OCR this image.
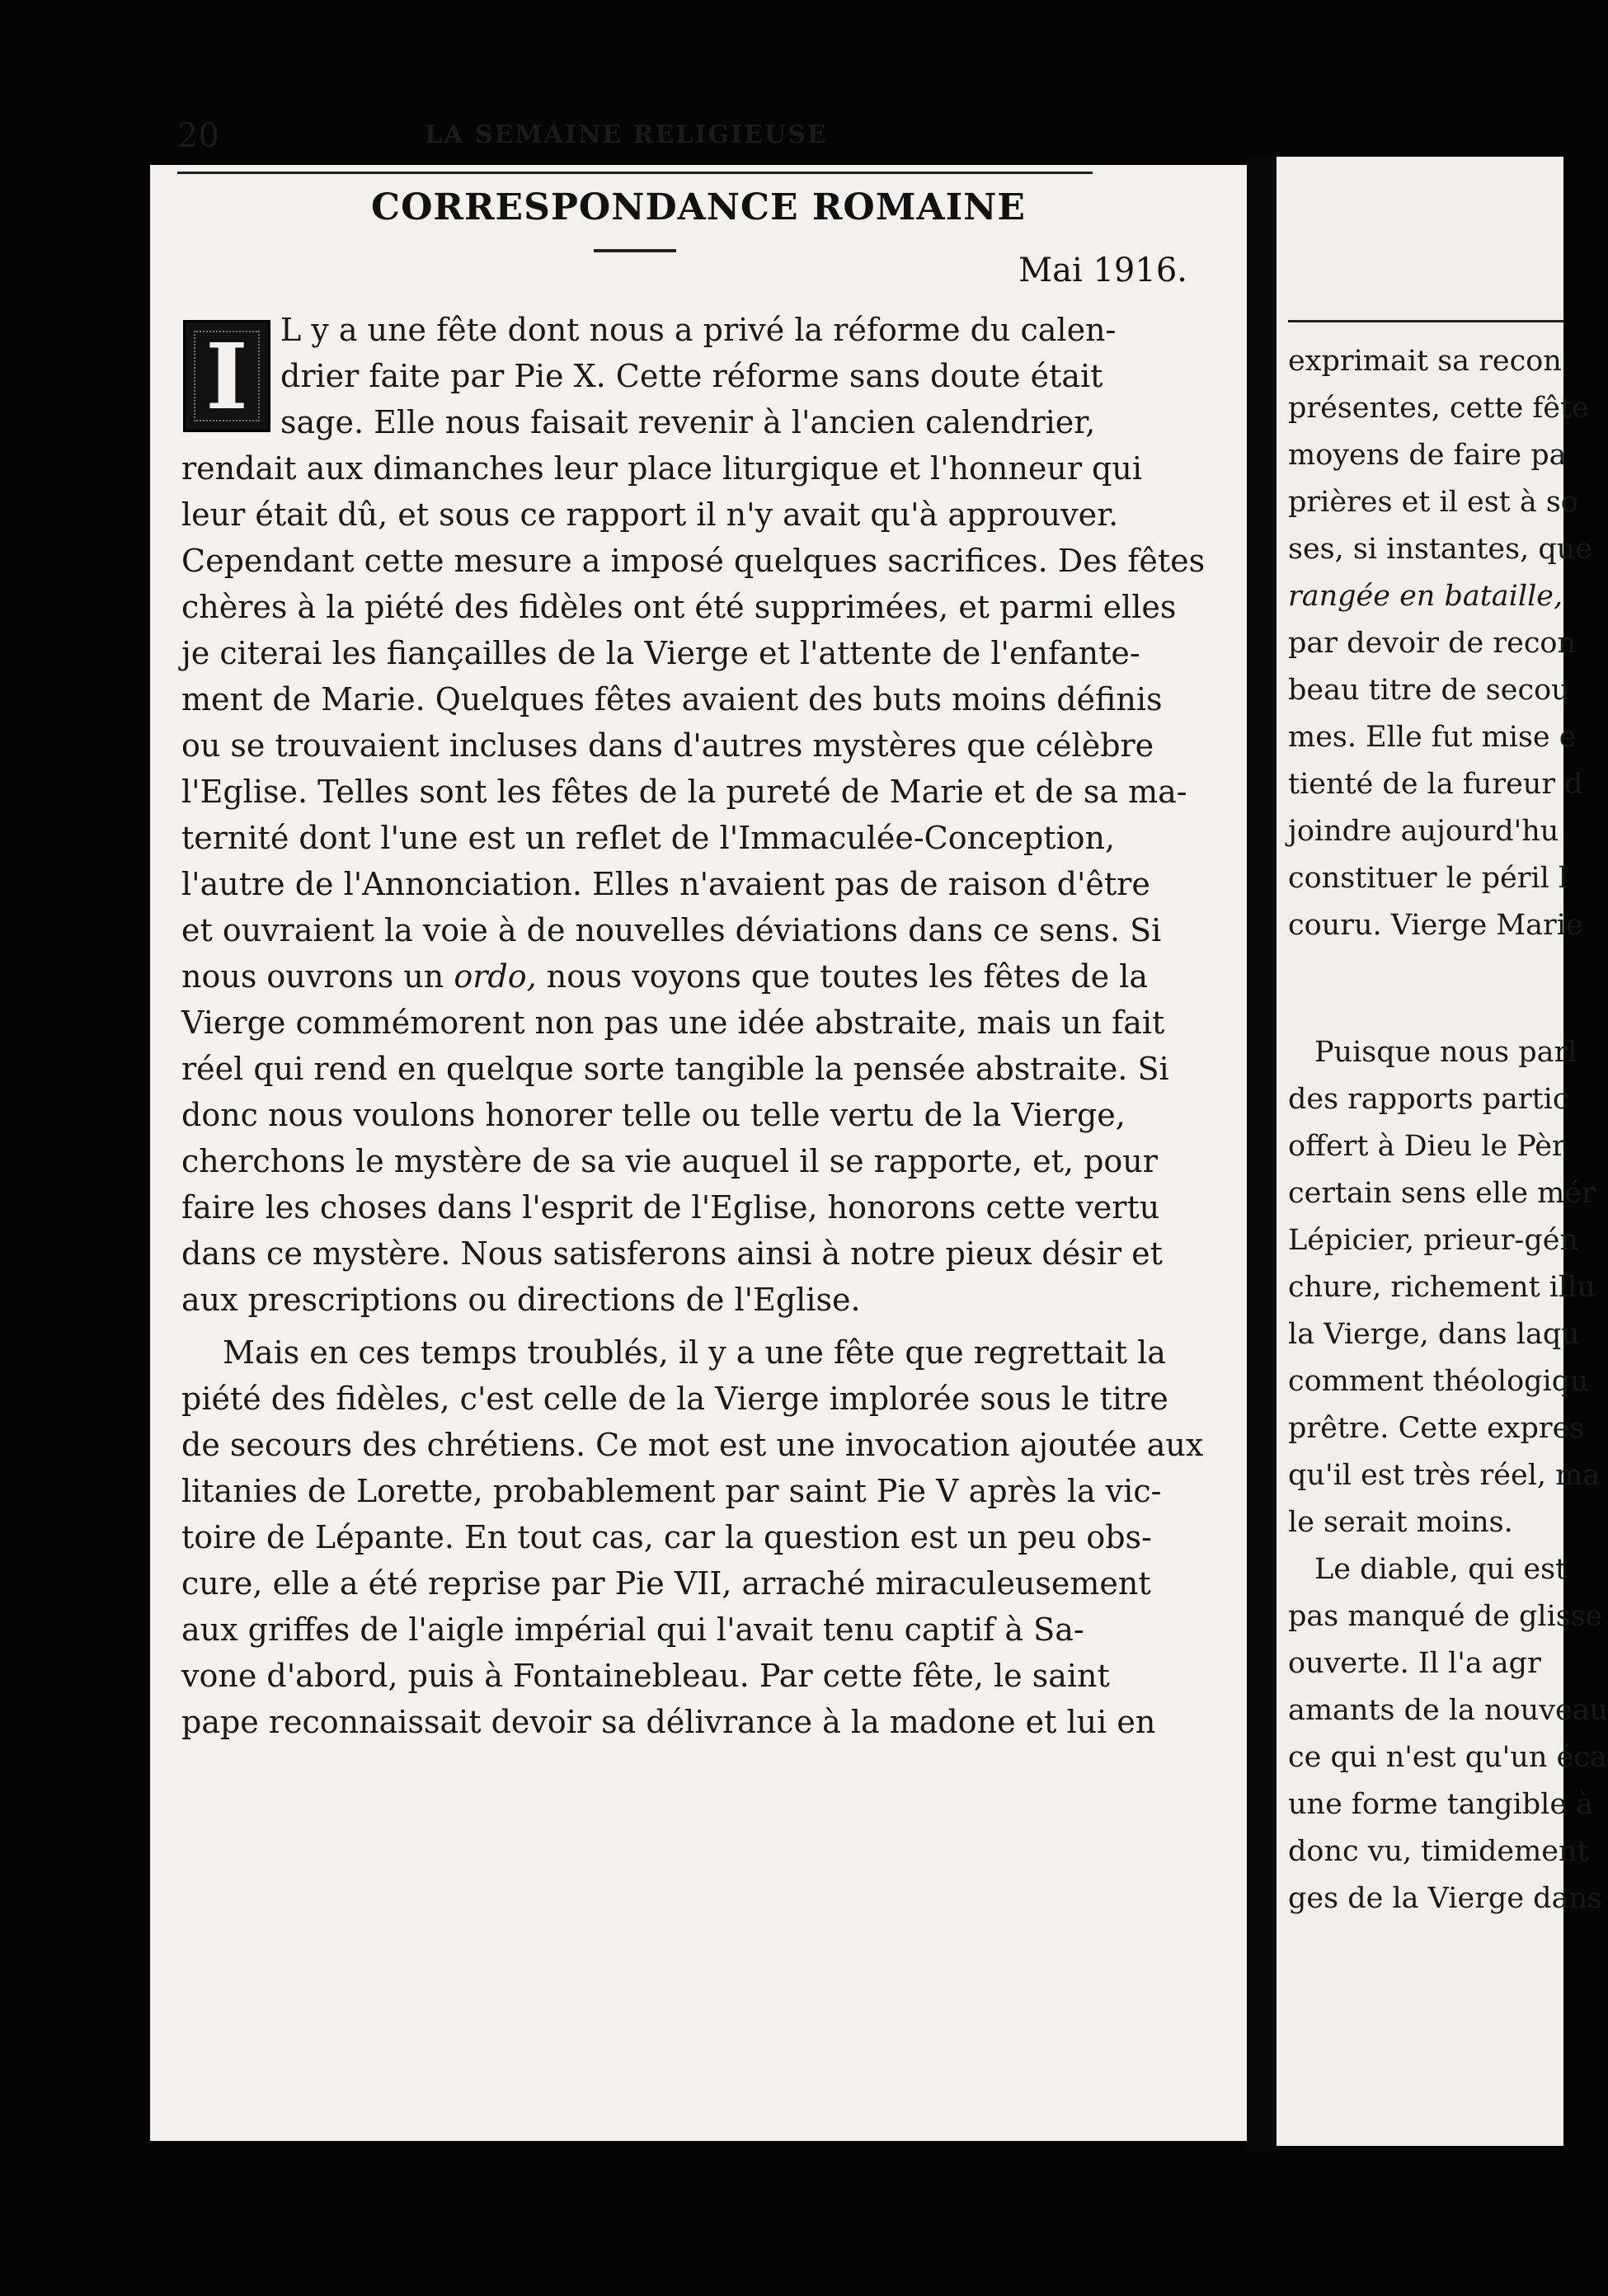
20	LA SEMAINE RELIGIEUSE
CORRESPONDANCE ROMAINE
Mai 1916.
I	L y a une fête dont nous a privé la réforme du calen-
drier faite par Pie X. Cette réforme sans doute était
sage. Elle nous faisait revenir à l'ancien calendrier,
rendait aux dimanches leur place liturgique et l'honneur qui
leur était dû, et sous ce rapport il n'y avait qu'à approuver.
Cependant cette mesure a imposé quelques sacrifices. Des fêtes
chères à la piété des fidèles ont été supprimées, et parmi elles
je citerai les fiançailles de la Vierge et l'attente de l'enfante-
ment de Marie. Quelques fêtes avaient des buts moins définis
ou se trouvaient incluses dans d'autres mystères que célèbre
l'Eglise. Telles sont les fêtes de la pureté de Marie et de sa ma-
ternité dont l'une est un reflet de l'Immaculée-Conception,
l'autre de l'Annonciation. Elles n'avaient pas de raison d'être
et ouvraient la voie à de nouvelles déviations dans ce sens. Si
nous ouvrons un ordo, nous voyons que toutes les fêtes de la
Vierge commémorent non pas une idée abstraite, mais un fait
réel qui rend en quelque sorte tangible la pensée abstraite. Si
donc nous voulons honorer telle ou telle vertu de la Vierge,
cherchons le mystère de sa vie auquel il se rapporte, et, pour
faire les choses dans l'esprit de l'Eglise, honorons cette vertu
dans ce mystère. Nous satisferons ainsi à notre pieux désir et
aux prescriptions ou directions de l'Eglise.
Mais en ces temps troublés, il y a une fête que regrettait la
piété des fidèles, c'est celle de la Vierge implorée sous le titre
de secours des chrétiens. Ce mot est une invocation ajoutée aux
litanies de Lorette, probablement par saint Pie V après la vic-
toire de Lépante. En tout cas, car la question est un peu obs-
cure, elle a été reprise par Pie VII, arraché miraculeusement
aux griffes de l'aigle impérial qui l'avait tenu captif à Sa-
vone d'abord, puis à Fontainebleau. Par cette fête, le saint
pape reconnaissait devoir sa délivrance à la madone et lui en
exprimait sa recon
présentes, cette fête
moyens de faire pa
prières et il est à so
ses, si instantes, que
rangée en bataille,
par devoir de recon
beau titre de secou
mes. Elle fut mise e
tienté de la fureur d
joindre aujourd'hu
constituer le péril l
couru. Vierge Marie
Puisque nous parl
des rapports partic
offert à Dieu le Pèr
certain sens elle mér
Lépicier, prieur-gén
chure, richement illu
la Vierge, dans laqu
comment théologiqu
prêtre. Cette expres
qu'il est très réel, ma
le serait moins.
Le diable, qui est
pas manqué de glisse
ouverte. Il l'a agr
amants de la nouveau
ce qui n'est qu'un éca
une forme tangible à
donc vu, timidement
ges de la Vierge dans
